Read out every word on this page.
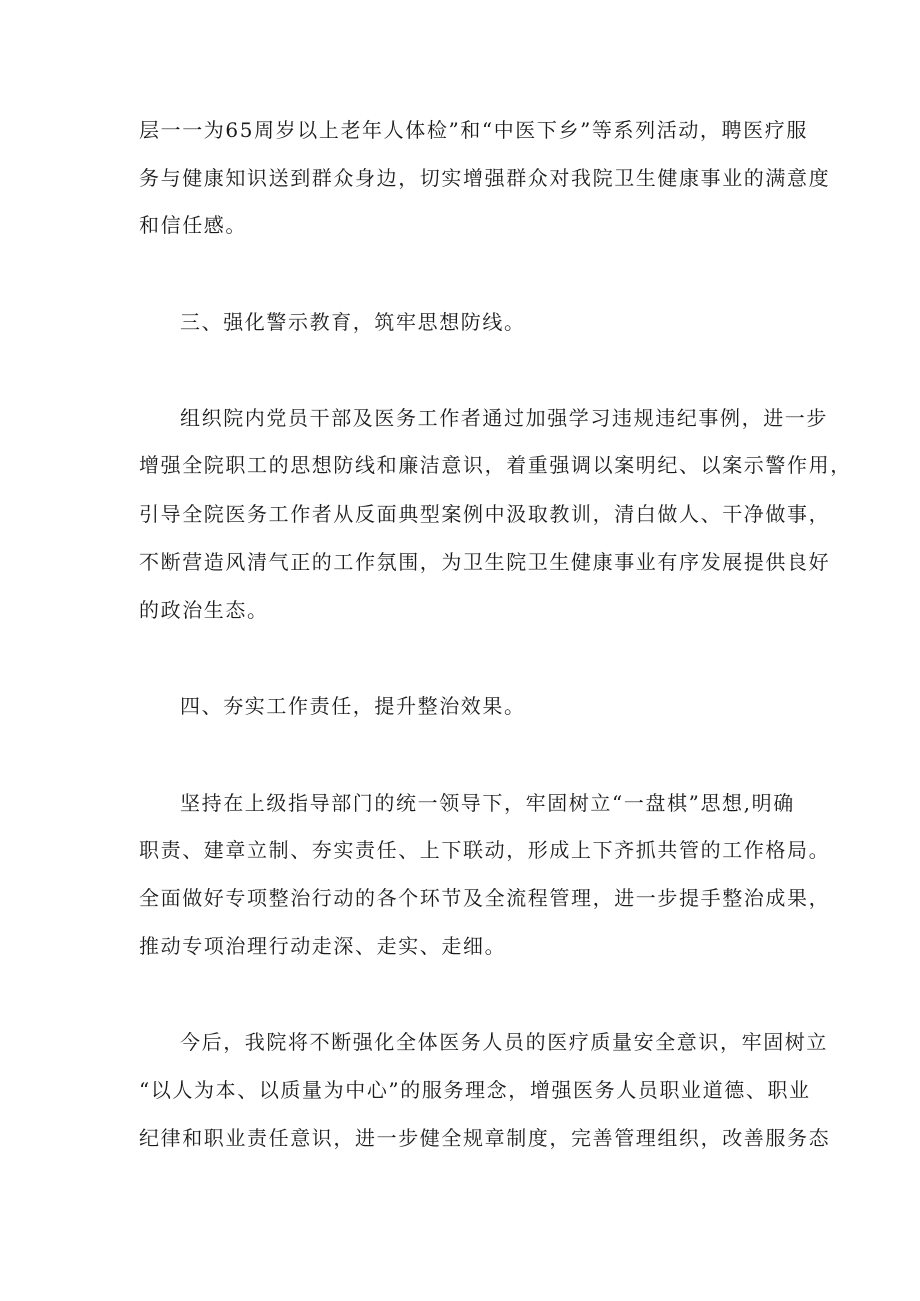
层一一为65周岁以上老年人体检”和“中医下乡”等系列活动，聘医疗服

务与健康知识送到群众身边，切实增强群众对我院卫生健康事业的满意度

和信任感。

三、强化警示教育，筑牢思想防线。

组织院内党员干部及医务工作者通过加强学习违规违纪事例，进一步

增强全院职工的思想防线和廉洁意识，着重强调以案明纪、以案示警作用，

引导全院医务工作者从反面典型案例中汲取教训，清白做人、干净做事，

不断营造风清气正的工作氛围，为卫生院卫生健康事业有序发展提供良好

的政治生态。

四、夯实工作责任，提升整治效果。

坚持在上级指导部门的统一领导下，牢固树立“一盘棋”思想,明确

职责、建章立制、夯实责任、上下联动，形成上下齐抓共管的工作格局。

全面做好专项整治行动的各个环节及全流程管理，进一步提手整治成果，

推动专项治理行动走深、走实、走细。

今后，我院将不断强化全体医务人员的医疗质量安全意识，牢固树立

“以人为本、以质量为中心”的服务理念，增强医务人员职业道德、职业

纪律和职业责任意识，进一步健全规章制度，完善管理组织，改善服务态
